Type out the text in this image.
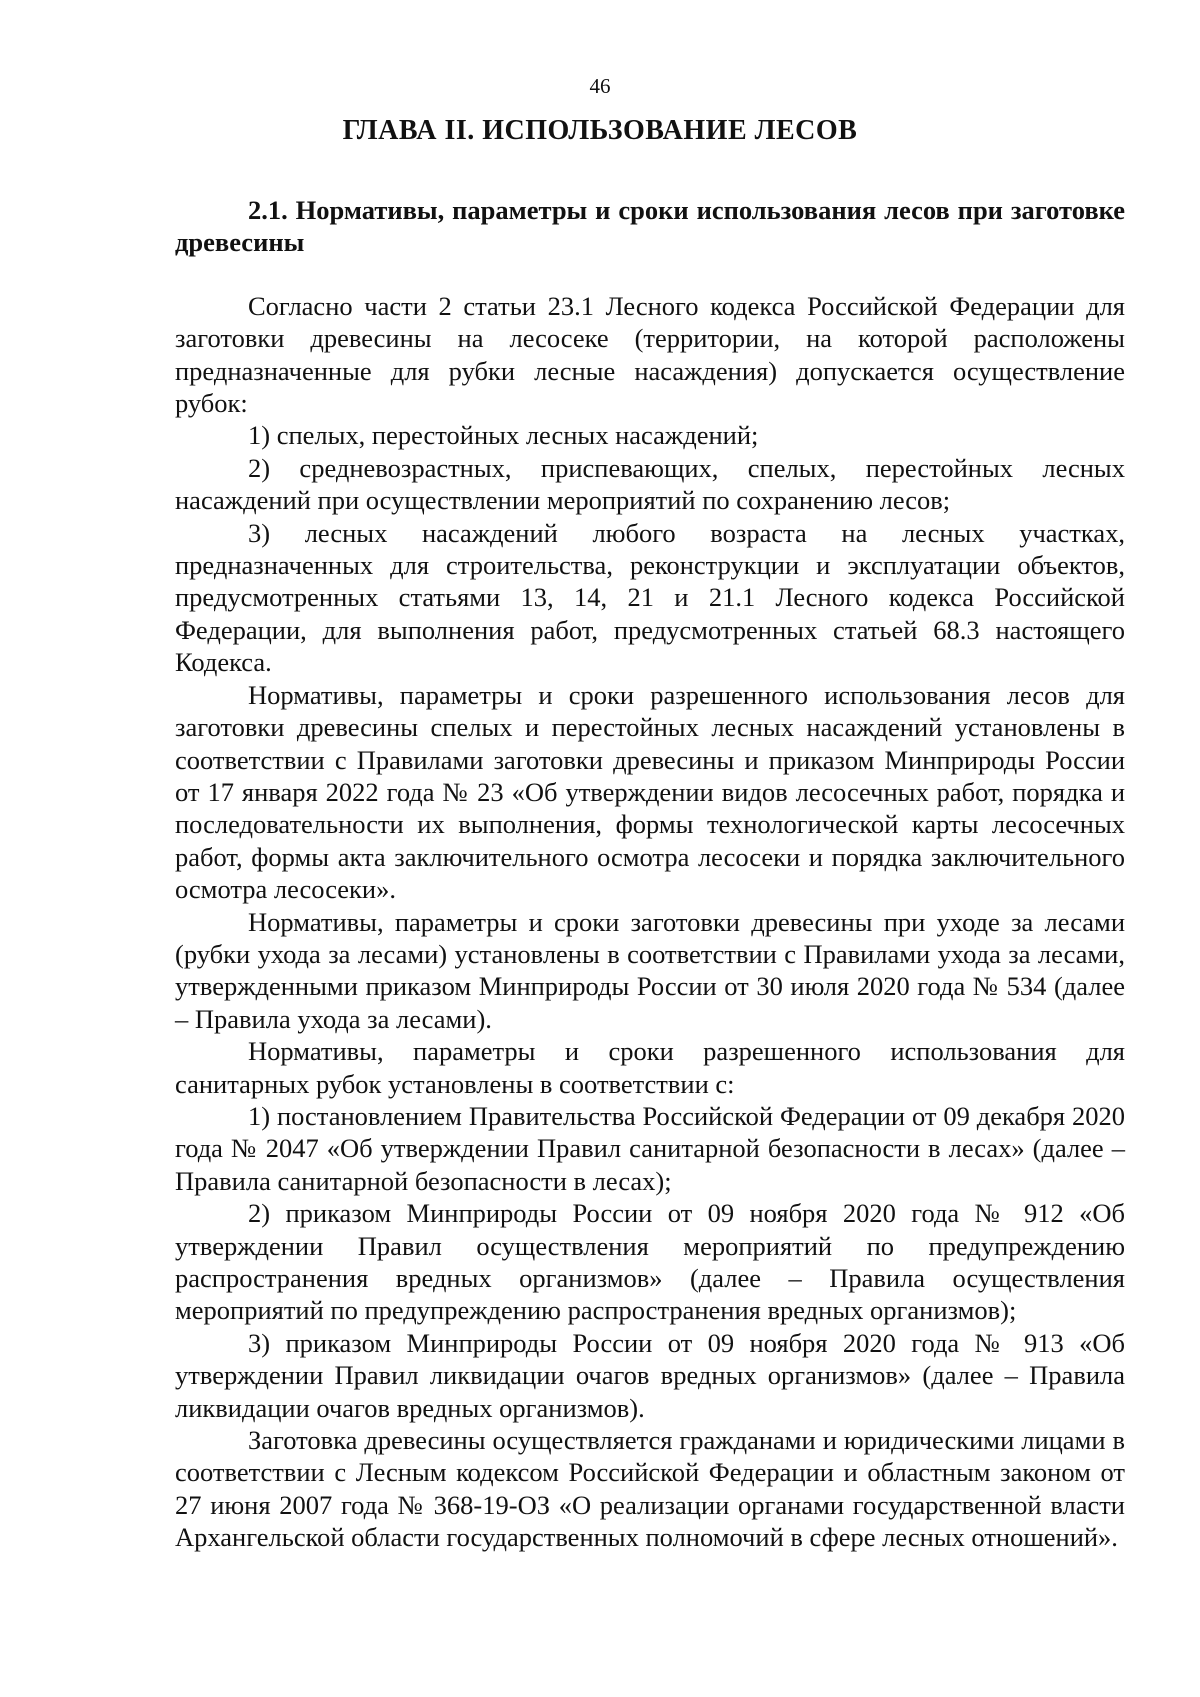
46
ГЛАВА II. ИСПОЛЬЗОВАНИЕ ЛЕСОВ

2.1. Нормативы, параметры и сроки использования лесов при заготовке древесины

Согласно части 2 статьи 23.1 Лесного кодекса Российской Федерации для заготовки древесины на лесосеке (территории, на которой расположены предназначенные для рубки лесные насаждения) допускается осуществление рубок:

1) спелых, перестойных лесных насаждений;

2) средневозрастных, приспевающих, спелых, перестойных лесных насаждений при осуществлении мероприятий по сохранению лесов;

3) лесных насаждений любого возраста на лесных участках, предназначенных для строительства, реконструкции и эксплуатации объектов, предусмотренных статьями 13, 14, 21 и 21.1 Лесного кодекса Российской Федерации, для выполнения работ, предусмотренных статьей 68.3 настоящего Кодекса.

Нормативы, параметры и сроки разрешенного использования лесов для заготовки древесины спелых и перестойных лесных насаждений установлены в соответствии с Правилами заготовки древесины и приказом Минприроды России от 17 января 2022 года № 23 «Об утверждении видов лесосечных работ, порядка и последовательности их выполнения, формы технологической карты лесосечных работ, формы акта заключительного осмотра лесосеки и порядка заключительного осмотра лесосеки».

Нормативы, параметры и сроки заготовки древесины при уходе за лесами (рубки ухода за лесами) установлены в соответствии с Правилами ухода за лесами, утвержденными приказом Минприроды России от 30 июля 2020 года № 534 (далее – Правила ухода за лесами).

Нормативы, параметры и сроки разрешенного использования для санитарных рубок установлены в соответствии с:

1) постановлением Правительства Российской Федерации от 09 декабря 2020 года № 2047 «Об утверждении Правил санитарной безопасности в лесах» (далее – Правила санитарной безопасности в лесах);

2) приказом Минприроды России от 09 ноября 2020 года № 912 «Об утверждении Правил осуществления мероприятий по предупреждению распространения вредных организмов» (далее – Правила осуществления мероприятий по предупреждению распространения вредных организмов);

3) приказом Минприроды России от 09 ноября 2020 года № 913 «Об утверждении Правил ликвидации очагов вредных организмов» (далее – Правила ликвидации очагов вредных организмов).

Заготовка древесины осуществляется гражданами и юридическими лицами в соответствии с Лесным кодексом Российской Федерации и областным законом от 27 июня 2007 года № 368-19-ОЗ «О реализации органами государственной власти Архангельской области государственных полномочий в сфере лесных отношений».
